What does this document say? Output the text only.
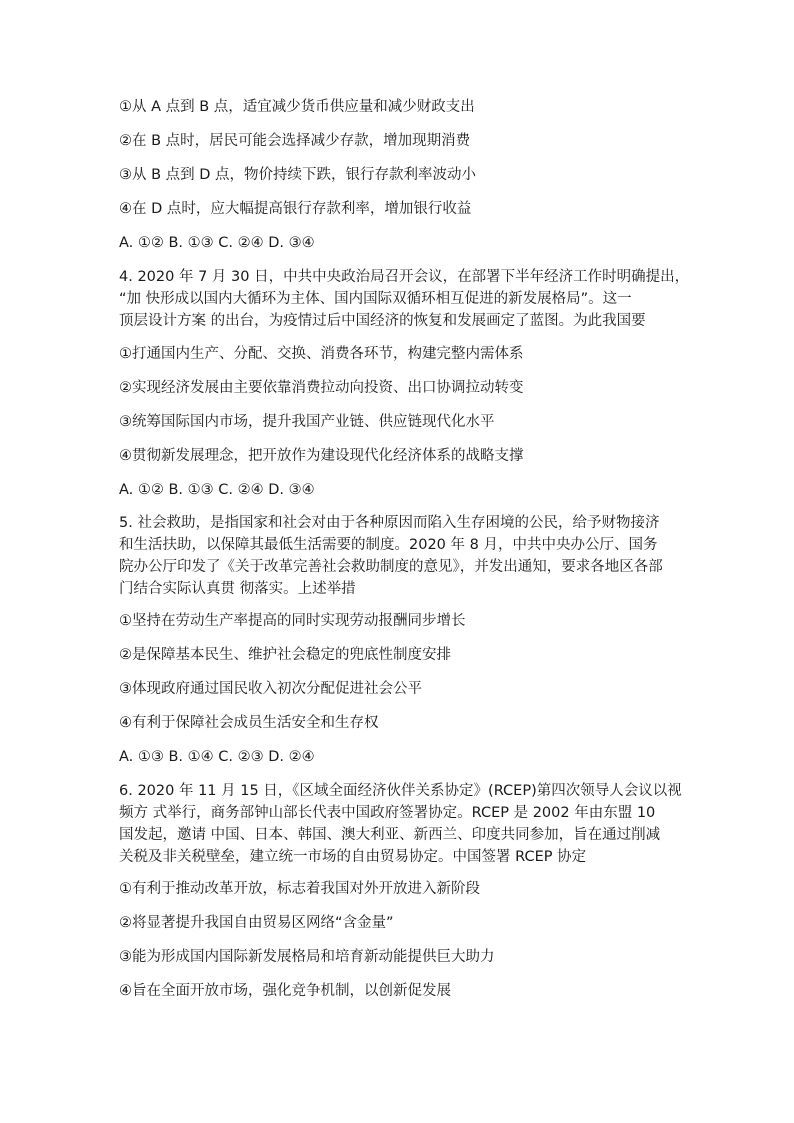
①从 A 点到 B 点，适宜减少货币供应量和减少财政支出
②在 B 点时，居民可能会选择减少存款，增加现期消费
③从 B 点到 D 点，物价持续下跌，银行存款利率波动小
④在 D 点时，应大幅提高银行存款利率，增加银行收益
A. ①② B. ①③ C. ②④ D. ③④
4. 2020 年 7 月 30 日，中共中央政治局召开会议，在部署下半年经济工作时明确提出，
“加 快形成以国内大循环为主体、国内国际双循环相互促进的新发展格局”。这一
顶层设计方案 的出台，为疫情过后中国经济的恢复和发展画定了蓝图。为此我国要
①打通国内生产、分配、交换、消费各环节，构建完整内需体系
②实现经济发展由主要依靠消费拉动向投资、出口协调拉动转变
③统筹国际国内市场，提升我国产业链、供应链现代化水平
④贯彻新发展理念，把开放作为建设现代化经济体系的战略支撑
A. ①② B. ①③ C. ②④ D. ③④
5. 社会救助，是指国家和社会对由于各种原因而陷入生存困境的公民，给予财物接济
和生活扶助，以保障其最低生活需要的制度。2020 年 8 月，中共中央办公厅、国务
院办公厅印发了《关于改革完善社会救助制度的意见》，并发出通知，要求各地区各部
门结合实际认真贯 彻落实。上述举措
①坚持在劳动生产率提高的同时实现劳动报酬同步增长
②是保障基本民生、维护社会稳定的兜底性制度安排
③体现政府通过国民收入初次分配促进社会公平
④有利于保障社会成员生活安全和生存权
A. ①③ B. ①④ C. ②③ D. ②④
6. 2020 年 11 月 15 日，《区域全面经济伙伴关系协定》(RCEP)第四次领导人会议以视
频方 式举行，商务部钟山部长代表中国政府签署协定。RCEP 是 2002 年由东盟 10
国发起，邀请 中国、日本、韩国、澳大利亚、新西兰、印度共同参加，旨在通过削减
关税及非关税壁垒，建立统一市场的自由贸易协定。中国签署 RCEP 协定
①有利于推动改革开放，标志着我国对外开放进入新阶段
②将显著提升我国自由贸易区网络“含金量”
③能为形成国内国际新发展格局和培育新动能提供巨大助力
④旨在全面开放市场，强化竞争机制，以创新促发展
